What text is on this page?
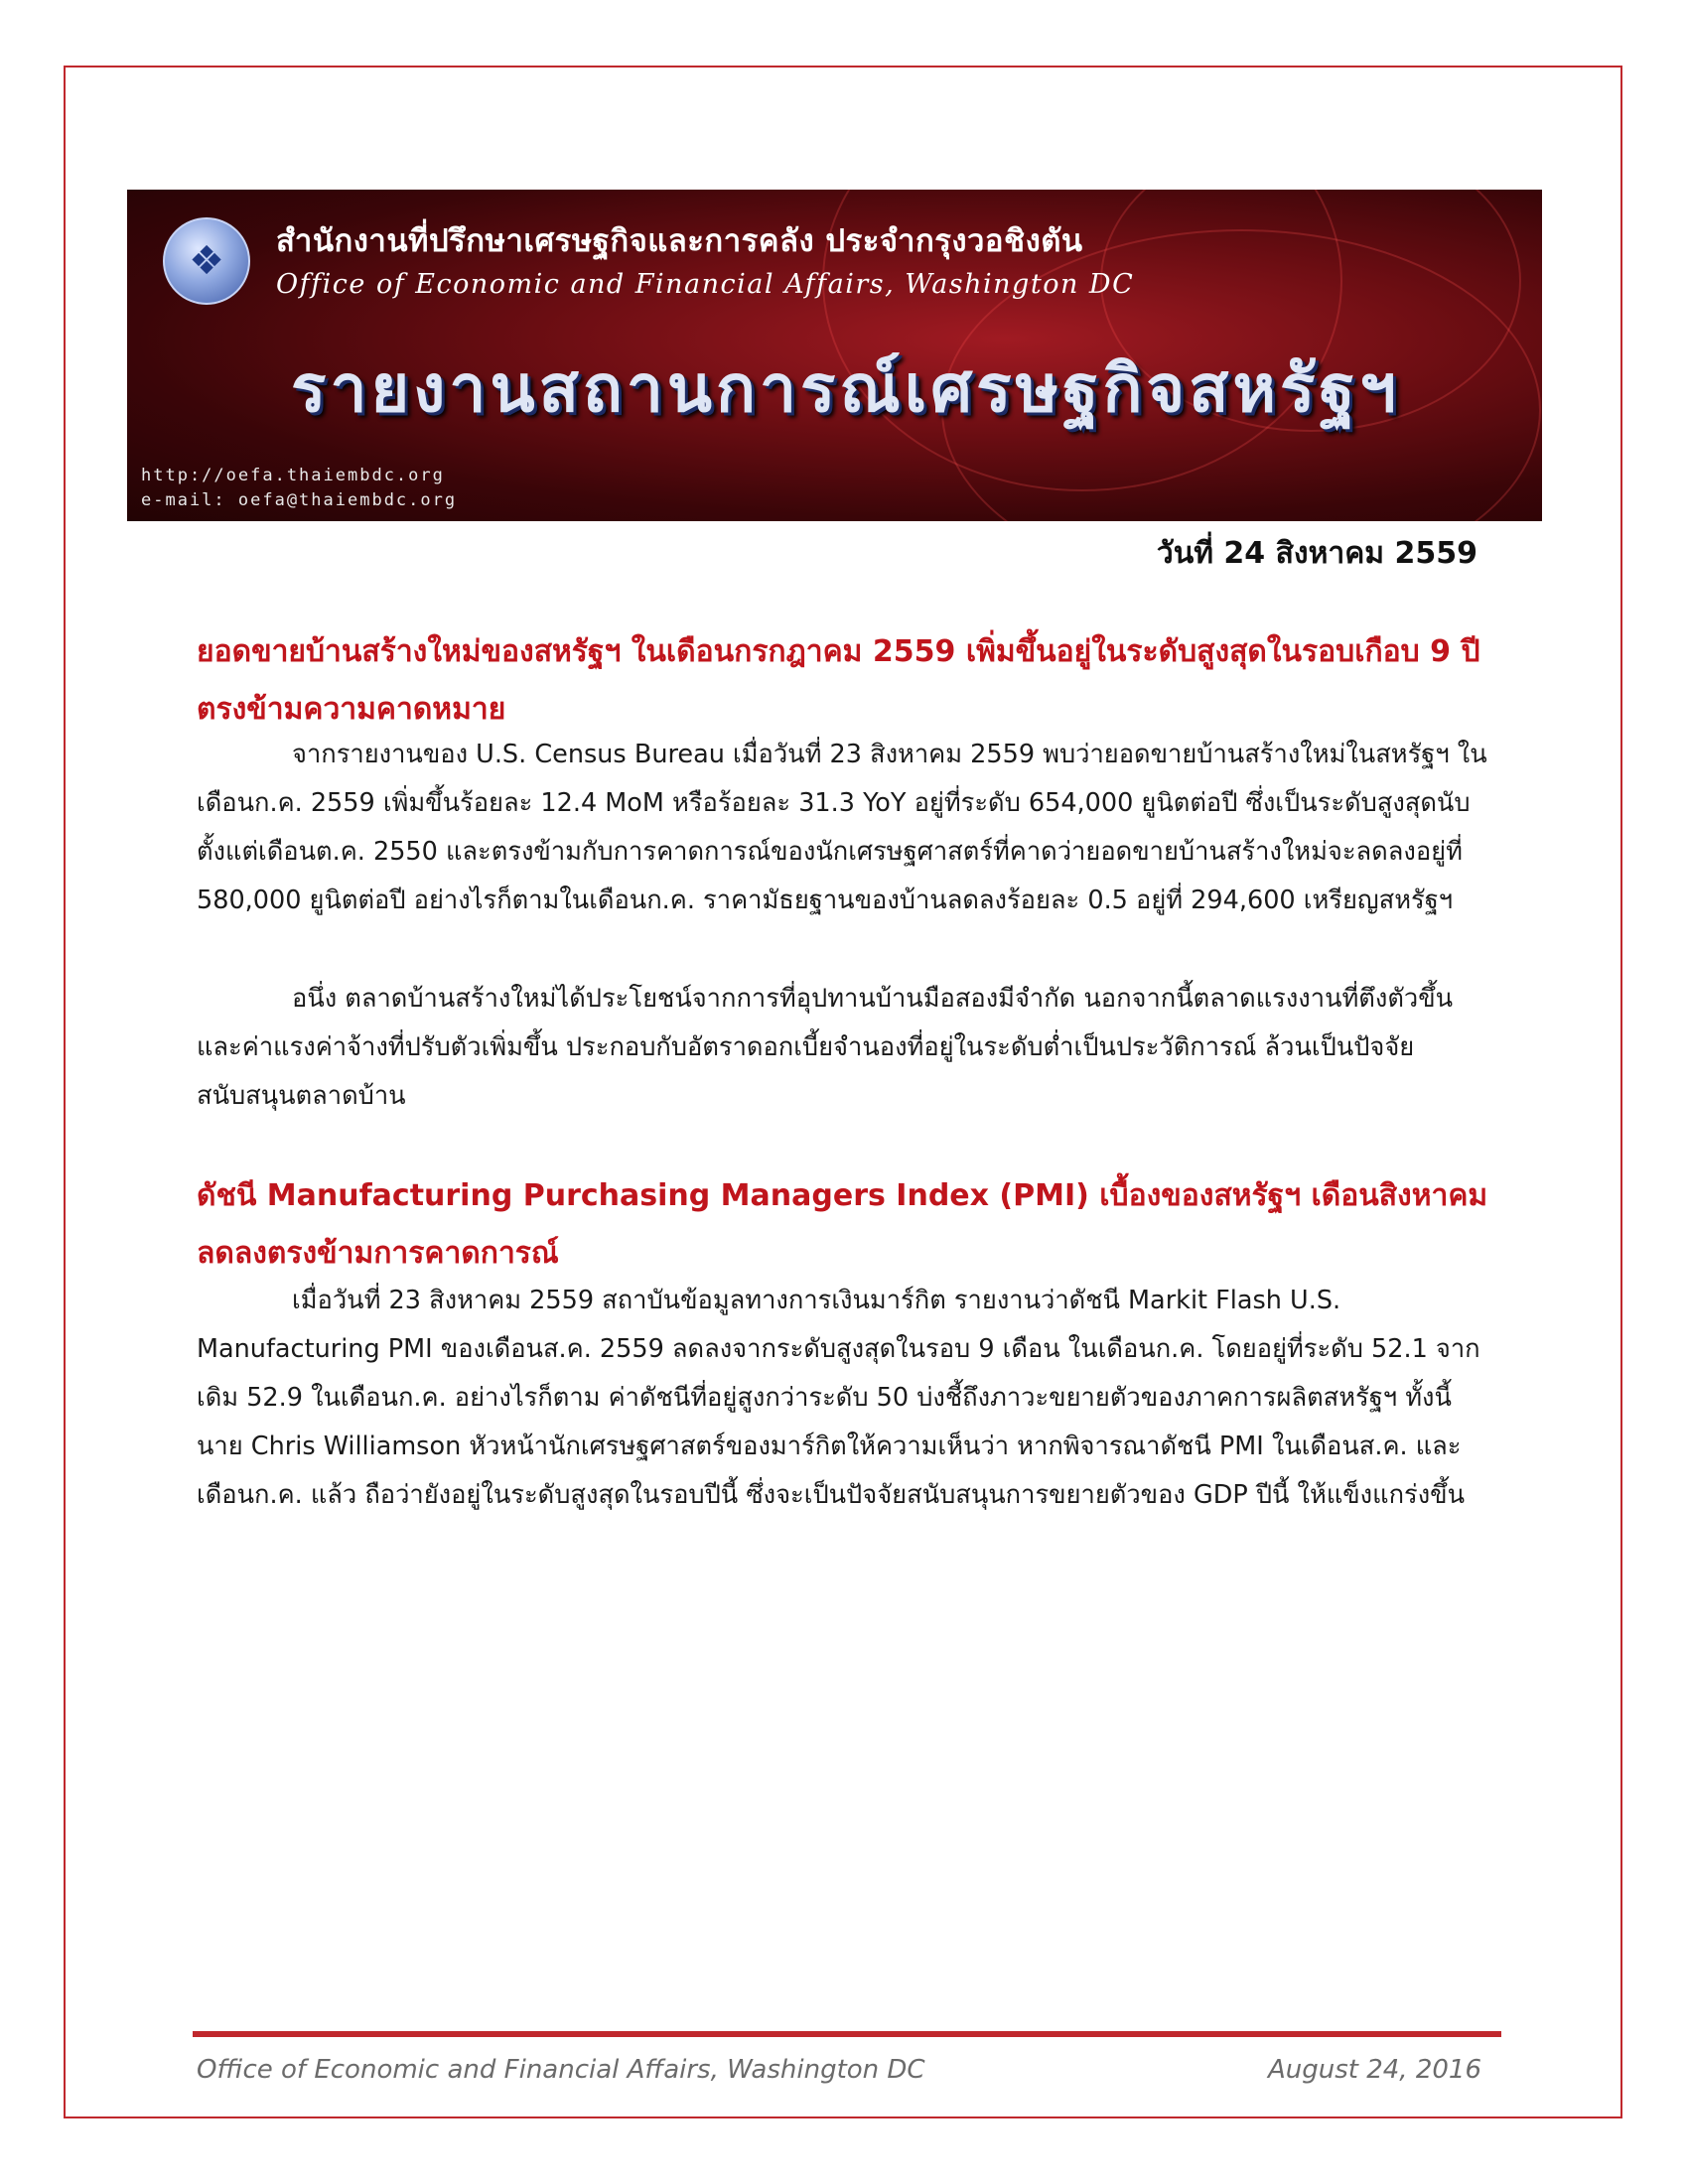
❖	สำนักงานที่ปรึกษาเศรษฐกิจและการคลัง ประจำกรุงวอชิงตัน
Office of Economic and Financial Affairs, Washington DC
รายงานสถานการณ์เศรษฐกิจสหรัฐฯ
http://oefa.thaiembdc.org
e-mail: oefa@thaiembdc.org
วันที่ 24 สิงหาคม 2559
ยอดขายบ้านสร้างใหม่ของสหรัฐฯ ในเดือนกรกฎาคม 2559 เพิ่มขึ้นอยู่ในระดับสูงสุดในรอบเกือบ 9 ปี ตรงข้ามความคาดหมาย
จากรายงานของ U.S. Census Bureau เมื่อวันที่ 23 สิงหาคม 2559 พบว่ายอดขายบ้านสร้างใหม่ในสหรัฐฯ ในเดือนก.ค. 2559 เพิ่มขึ้นร้อยละ 12.4 MoM หรือร้อยละ 31.3 YoY อยู่ที่ระดับ 654,000 ยูนิตต่อปี ซึ่งเป็นระดับสูงสุดนับตั้งแต่เดือนต.ค. 2550 และตรงข้ามกับการคาดการณ์ของนักเศรษฐศาสตร์ที่คาดว่ายอดขายบ้านสร้างใหม่จะลดลงอยู่ที่ 580,000 ยูนิตต่อปี อย่างไรก็ตามในเดือนก.ค. ราคามัธยฐานของบ้านลดลงร้อยละ 0.5 อยู่ที่ 294,600 เหรียญสหรัฐฯ
อนึ่ง ตลาดบ้านสร้างใหม่ได้ประโยชน์จากการที่อุปทานบ้านมือสองมีจำกัด นอกจากนี้ตลาดแรงงานที่ตึงตัวขึ้น และค่าแรงค่าจ้างที่ปรับตัวเพิ่มขึ้น ประกอบกับอัตราดอกเบี้ยจำนองที่อยู่ในระดับต่ำเป็นประวัติการณ์ ล้วนเป็นปัจจัยสนับสนุนตลาดบ้าน
ดัชนี Manufacturing Purchasing Managers Index (PMI) เบื้องของสหรัฐฯ เดือนสิงหาคม ลดลงตรงข้ามการคาดการณ์
เมื่อวันที่ 23 สิงหาคม 2559 สถาบันข้อมูลทางการเงินมาร์กิต รายงานว่าดัชนี Markit Flash U.S. Manufacturing PMI ของเดือนส.ค. 2559 ลดลงจากระดับสูงสุดในรอบ 9 เดือน ในเดือนก.ค. โดยอยู่ที่ระดับ 52.1 จากเดิม 52.9 ในเดือนก.ค. อย่างไรก็ตาม ค่าดัชนีที่อยู่สูงกว่าระดับ 50 บ่งชี้ถึงภาวะขยายตัวของภาคการผลิตสหรัฐฯ ทั้งนี้นาย Chris Williamson หัวหน้านักเศรษฐศาสตร์ของมาร์กิตให้ความเห็นว่า หากพิจารณาดัชนี PMI ในเดือนส.ค. และเดือนก.ค. แล้ว ถือว่ายังอยู่ในระดับสูงสุดในรอบปีนี้ ซึ่งจะเป็นปัจจัยสนับสนุนการขยายตัวของ GDP ปีนี้ ให้แข็งแกร่งขึ้น
Office of Economic and Financial Affairs, Washington DC	August 24, 2016
